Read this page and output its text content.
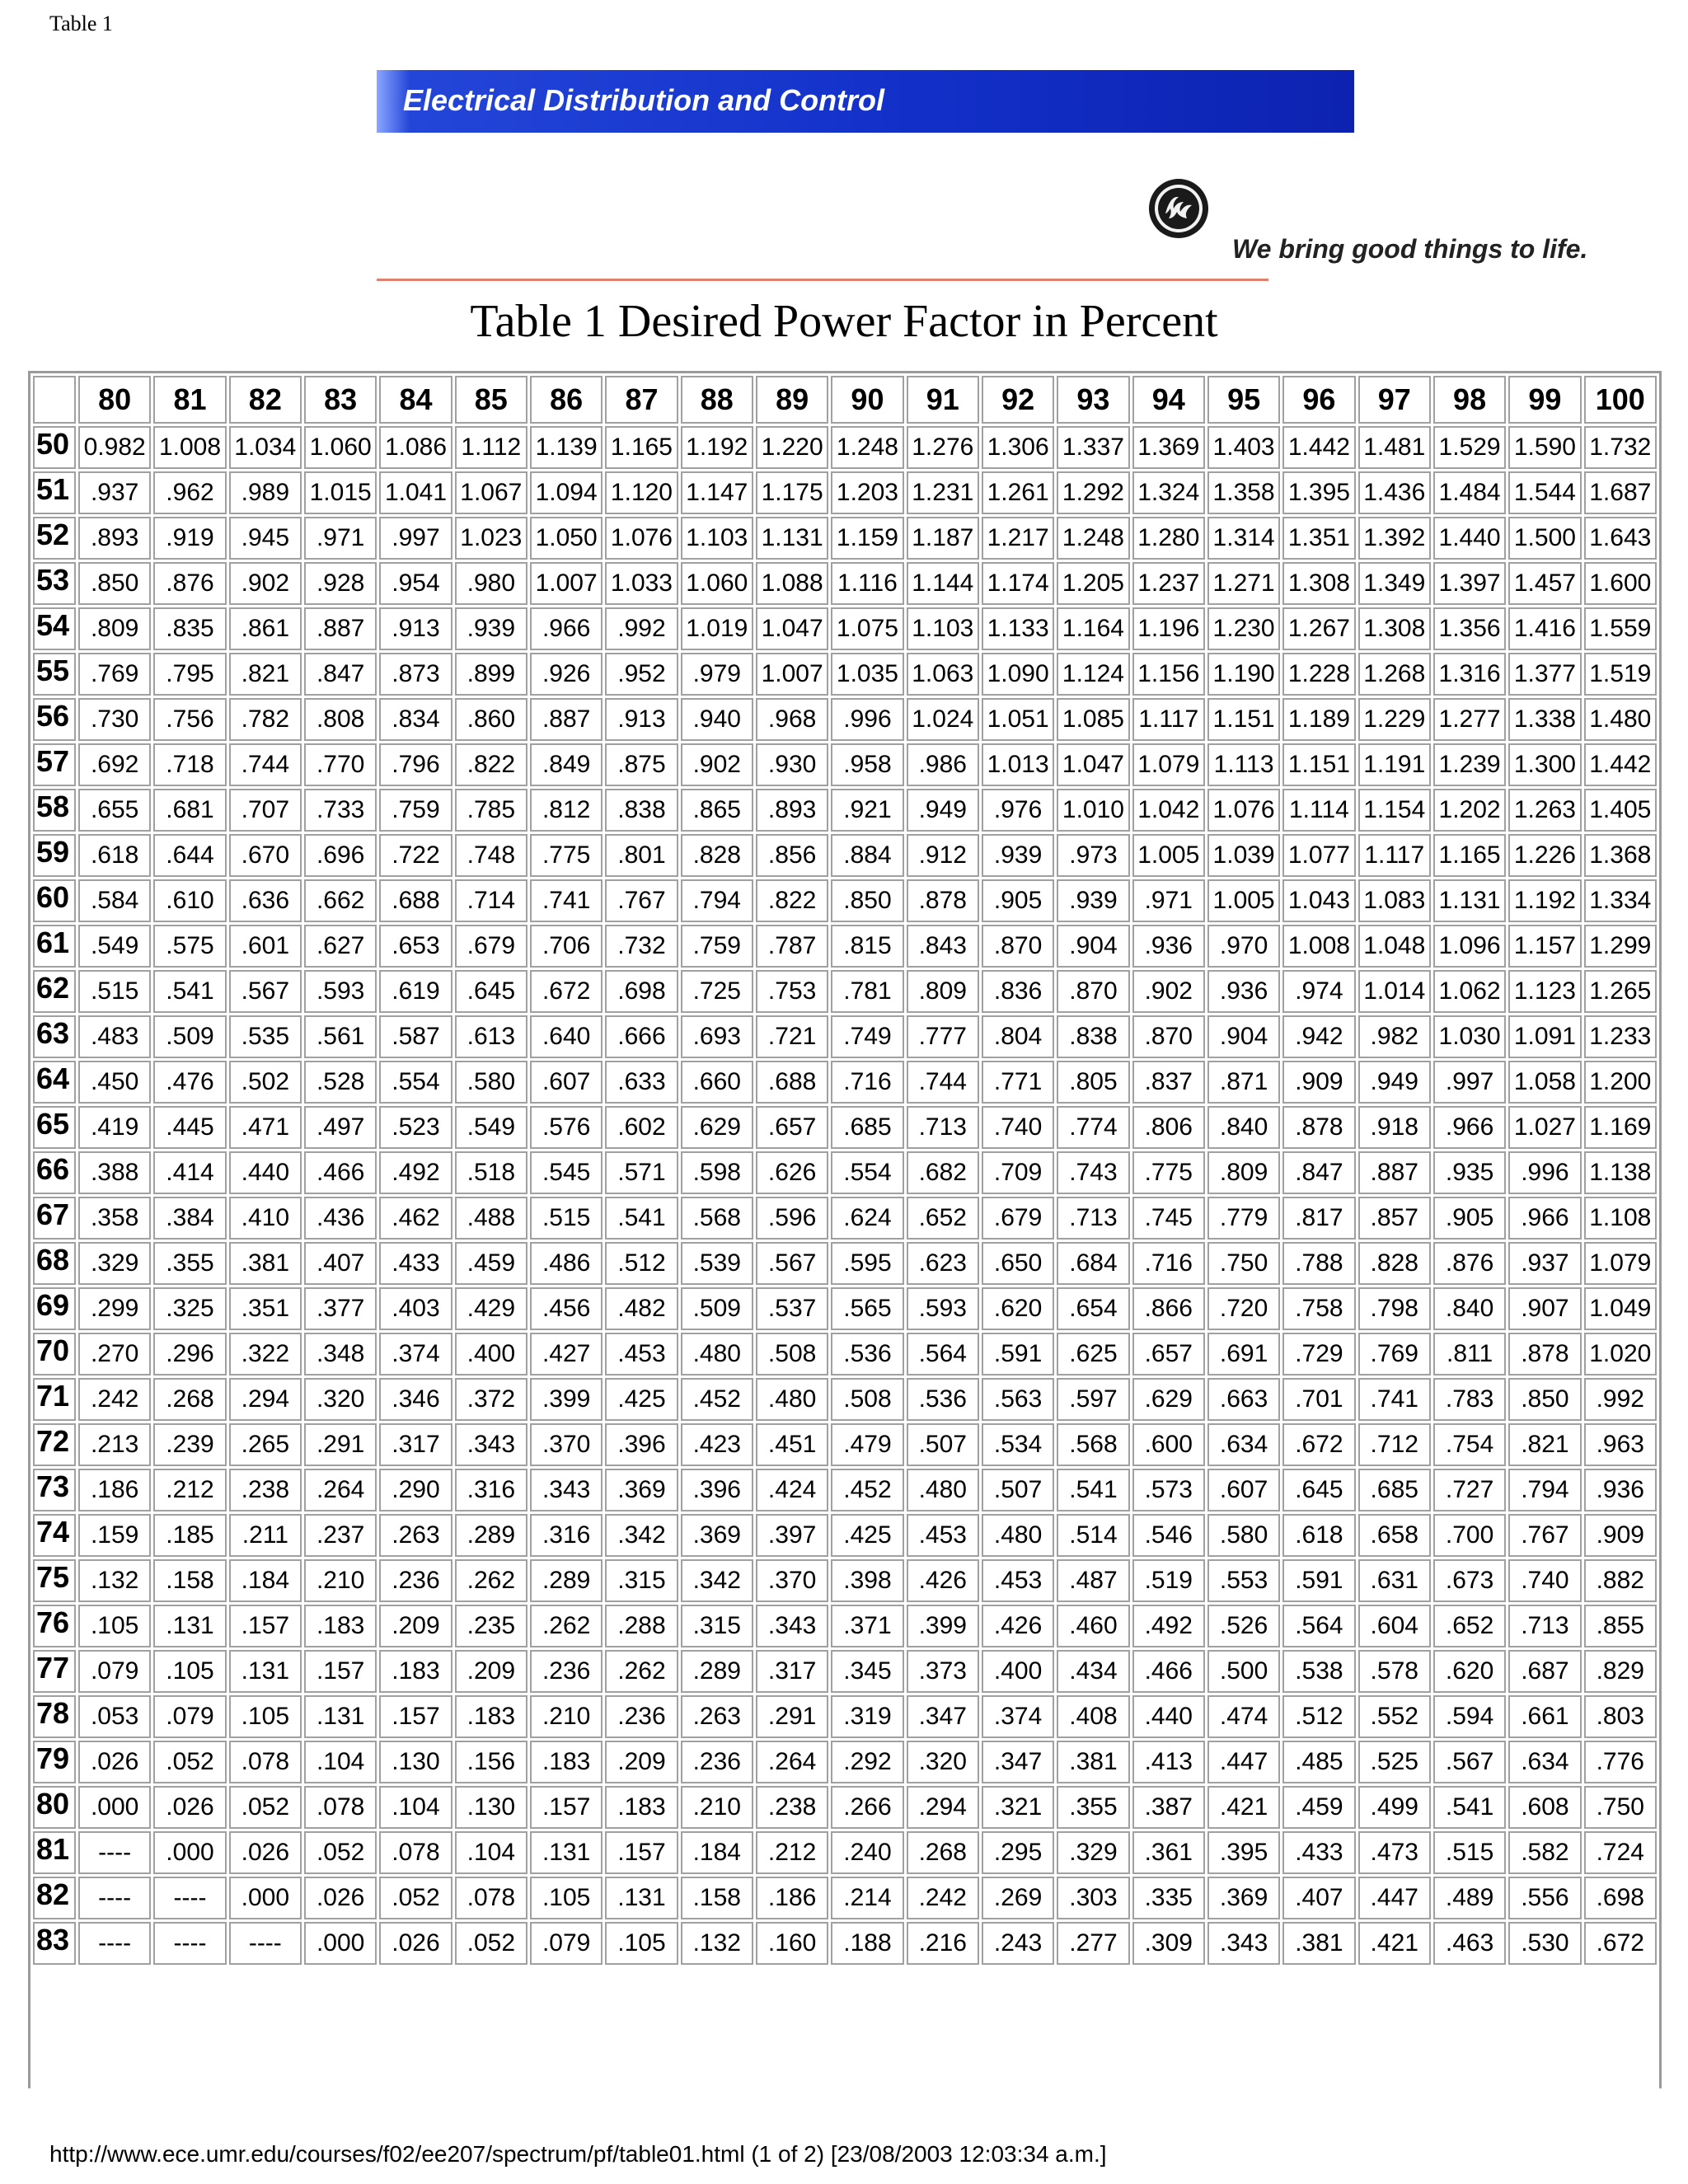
Table 1
Electrical Distribution and Control
We bring good things to life.
Table 1 Desired Power Factor in Percent
	80	81	82	83	84	85	86	87	88	89	90	91	92	93	94	95	96	97	98	99	100
50	0.982	1.008	1.034	1.060	1.086	1.112	1.139	1.165	1.192	1.220	1.248	1.276	1.306	1.337	1.369	1.403	1.442	1.481	1.529	1.590	1.732
51	.937	.962	.989	1.015	1.041	1.067	1.094	1.120	1.147	1.175	1.203	1.231	1.261	1.292	1.324	1.358	1.395	1.436	1.484	1.544	1.687
52	.893	.919	.945	.971	.997	1.023	1.050	1.076	1.103	1.131	1.159	1.187	1.217	1.248	1.280	1.314	1.351	1.392	1.440	1.500	1.643
53	.850	.876	.902	.928	.954	.980	1.007	1.033	1.060	1.088	1.116	1.144	1.174	1.205	1.237	1.271	1.308	1.349	1.397	1.457	1.600
54	.809	.835	.861	.887	.913	.939	.966	.992	1.019	1.047	1.075	1.103	1.133	1.164	1.196	1.230	1.267	1.308	1.356	1.416	1.559
55	.769	.795	.821	.847	.873	.899	.926	.952	.979	1.007	1.035	1.063	1.090	1.124	1.156	1.190	1.228	1.268	1.316	1.377	1.519
56	.730	.756	.782	.808	.834	.860	.887	.913	.940	.968	.996	1.024	1.051	1.085	1.117	1.151	1.189	1.229	1.277	1.338	1.480
57	.692	.718	.744	.770	.796	.822	.849	.875	.902	.930	.958	.986	1.013	1.047	1.079	1.113	1.151	1.191	1.239	1.300	1.442
58	.655	.681	.707	.733	.759	.785	.812	.838	.865	.893	.921	.949	.976	1.010	1.042	1.076	1.114	1.154	1.202	1.263	1.405
59	.618	.644	.670	.696	.722	.748	.775	.801	.828	.856	.884	.912	.939	.973	1.005	1.039	1.077	1.117	1.165	1.226	1.368
60	.584	.610	.636	.662	.688	.714	.741	.767	.794	.822	.850	.878	.905	.939	.971	1.005	1.043	1.083	1.131	1.192	1.334
61	.549	.575	.601	.627	.653	.679	.706	.732	.759	.787	.815	.843	.870	.904	.936	.970	1.008	1.048	1.096	1.157	1.299
62	.515	.541	.567	.593	.619	.645	.672	.698	.725	.753	.781	.809	.836	.870	.902	.936	.974	1.014	1.062	1.123	1.265
63	.483	.509	.535	.561	.587	.613	.640	.666	.693	.721	.749	.777	.804	.838	.870	.904	.942	.982	1.030	1.091	1.233
64	.450	.476	.502	.528	.554	.580	.607	.633	.660	.688	.716	.744	.771	.805	.837	.871	.909	.949	.997	1.058	1.200
65	.419	.445	.471	.497	.523	.549	.576	.602	.629	.657	.685	.713	.740	.774	.806	.840	.878	.918	.966	1.027	1.169
66	.388	.414	.440	.466	.492	.518	.545	.571	.598	.626	.554	.682	.709	.743	.775	.809	.847	.887	.935	.996	1.138
67	.358	.384	.410	.436	.462	.488	.515	.541	.568	.596	.624	.652	.679	.713	.745	.779	.817	.857	.905	.966	1.108
68	.329	.355	.381	.407	.433	.459	.486	.512	.539	.567	.595	.623	.650	.684	.716	.750	.788	.828	.876	.937	1.079
69	.299	.325	.351	.377	.403	.429	.456	.482	.509	.537	.565	.593	.620	.654	.866	.720	.758	.798	.840	.907	1.049
70	.270	.296	.322	.348	.374	.400	.427	.453	.480	.508	.536	.564	.591	.625	.657	.691	.729	.769	.811	.878	1.020
71	.242	.268	.294	.320	.346	.372	.399	.425	.452	.480	.508	.536	.563	.597	.629	.663	.701	.741	.783	.850	.992
72	.213	.239	.265	.291	.317	.343	.370	.396	.423	.451	.479	.507	.534	.568	.600	.634	.672	.712	.754	.821	.963
73	.186	.212	.238	.264	.290	.316	.343	.369	.396	.424	.452	.480	.507	.541	.573	.607	.645	.685	.727	.794	.936
74	.159	.185	.211	.237	.263	.289	.316	.342	.369	.397	.425	.453	.480	.514	.546	.580	.618	.658	.700	.767	.909
75	.132	.158	.184	.210	.236	.262	.289	.315	.342	.370	.398	.426	.453	.487	.519	.553	.591	.631	.673	.740	.882
76	.105	.131	.157	.183	.209	.235	.262	.288	.315	.343	.371	.399	.426	.460	.492	.526	.564	.604	.652	.713	.855
77	.079	.105	.131	.157	.183	.209	.236	.262	.289	.317	.345	.373	.400	.434	.466	.500	.538	.578	.620	.687	.829
78	.053	.079	.105	.131	.157	.183	.210	.236	.263	.291	.319	.347	.374	.408	.440	.474	.512	.552	.594	.661	.803
79	.026	.052	.078	.104	.130	.156	.183	.209	.236	.264	.292	.320	.347	.381	.413	.447	.485	.525	.567	.634	.776
80	.000	.026	.052	.078	.104	.130	.157	.183	.210	.238	.266	.294	.321	.355	.387	.421	.459	.499	.541	.608	.750
81	----	.000	.026	.052	.078	.104	.131	.157	.184	.212	.240	.268	.295	.329	.361	.395	.433	.473	.515	.582	.724
82	----	----	.000	.026	.052	.078	.105	.131	.158	.186	.214	.242	.269	.303	.335	.369	.407	.447	.489	.556	.698
83	----	----	----	.000	.026	.052	.079	.105	.132	.160	.188	.216	.243	.277	.309	.343	.381	.421	.463	.530	.672
http://www.ece.umr.edu/courses/f02/ee207/spectrum/pf/table01.html (1 of 2) [23/08/2003 12:03:34 a.m.]
